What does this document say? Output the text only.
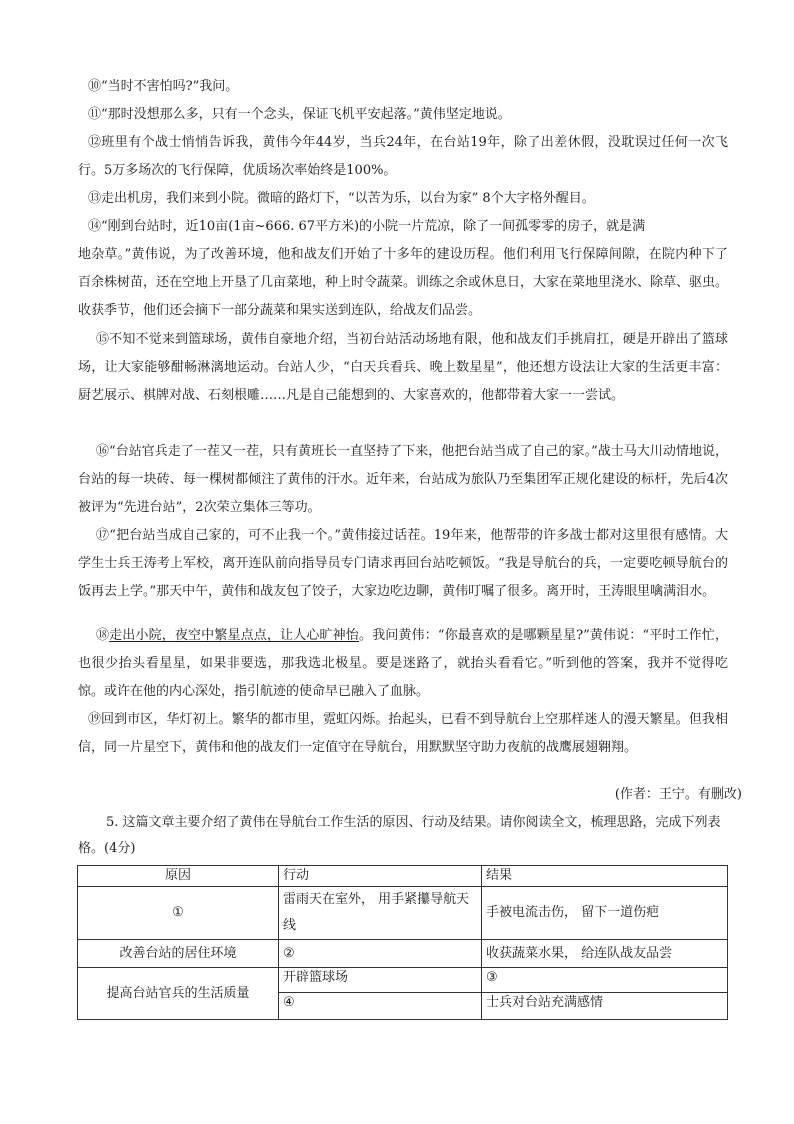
⑩“当时不害怕吗?”我问。

⑪“那时没想那么多，只有一个念头，保证飞机平安起落。”黄伟坚定地说。

⑫班里有个战士悄悄告诉我，黄伟今年44岁，当兵24年，在台站19年，除了出差休假，没耽误过任何一次飞行。5万多场次的飞行保障，优质场次率始终是100%。

⑬走出机房，我们来到小院。微暗的路灯下，“以苦为乐，以台为家” 8个大字格外醒目。

⑭“刚到台站时，近10亩(1亩~666. 67平方米)的小院一片荒凉，除了一间孤零零的房子，就是满

地杂草。”黄伟说，为了改善环境，他和战友们开始了十多年的建设历程。他们利用飞行保障间隙，在院内种下了百余株树苗，还在空地上开垦了几亩菜地，种上时令蔬菜。训练之余或休息日，大家在菜地里浇水、除草、驱虫。收获季节，他们还会摘下一部分蔬菜和果实送到连队，给战友们品尝。

⑮不知不觉来到篮球场，黄伟自豪地介绍，当初台站活动场地有限，他和战友们手挑肩扛，硬是开辟出了篮球场，让大家能够酣畅淋漓地运动。台站人少，“白天兵看兵、晚上数星星”，他还想方设法让大家的生活更丰富：厨艺展示、棋牌对战、石刻根雕……凡是自己能想到的、大家喜欢的，他都带着大家一一尝试。

⑯“台站官兵走了一茬又一茬，只有黄班长一直坚持了下来，他把台站当成了自己的家。”战士马大川动情地说，台站的每一块砖、每一棵树都倾注了黄伟的汗水。近年来，台站成为旅队乃至集团军正规化建设的标杆，先后4次被评为“先进台站”，2次荣立集体三等功。

⑰“把台站当成自己家的，可不止我一个。”黄伟接过话茬。19年来，他帮带的许多战士都对这里很有感情。大学生士兵王涛考上军校，离开连队前向指导员专门请求再回台站吃顿饭。“我是导航台的兵，一定要吃顿导航台的饭再去上学。”那天中午，黄伟和战友包了饺子，大家边吃边聊，黄伟叮嘱了很多。离开时，王涛眼里噙满泪水。

⑱走出小院，夜空中繁星点点，让人心旷神怡。我问黄伟：“你最喜欢的是哪颗星星?”黄伟说：“平时工作忙，也很少抬头看星星，如果非要选，那我选北极星。要是迷路了，就抬头看看它。”听到他的答案，我并不觉得吃惊。或许在他的内心深处，指引航迹的使命早已融入了血脉。

⑲回到市区，华灯初上。繁华的都市里，霓虹闪烁。抬起头，已看不到导航台上空那样迷人的漫天繁星。但我相信，同一片星空下，黄伟和他的战友们一定值守在导航台，用默默坚守助力夜航的战鹰展翅翱翔。

(作者：王宁。有删改)

5. 这篇文章主要介绍了黄伟在导航台工作生活的原因、行动及结果。请你阅读全文，梳理思路，完成下列表格。(4分)

原因	行动	结果
①	雷雨天在室外， 用手紧攥导航天线	手被电流击伤， 留下一道伤疤
改善台站的居住环境	②	收获蔬菜水果， 给连队战友品尝
提高台站官兵的生活质量	开辟篮球场	③
	④	士兵对台站充满感情
